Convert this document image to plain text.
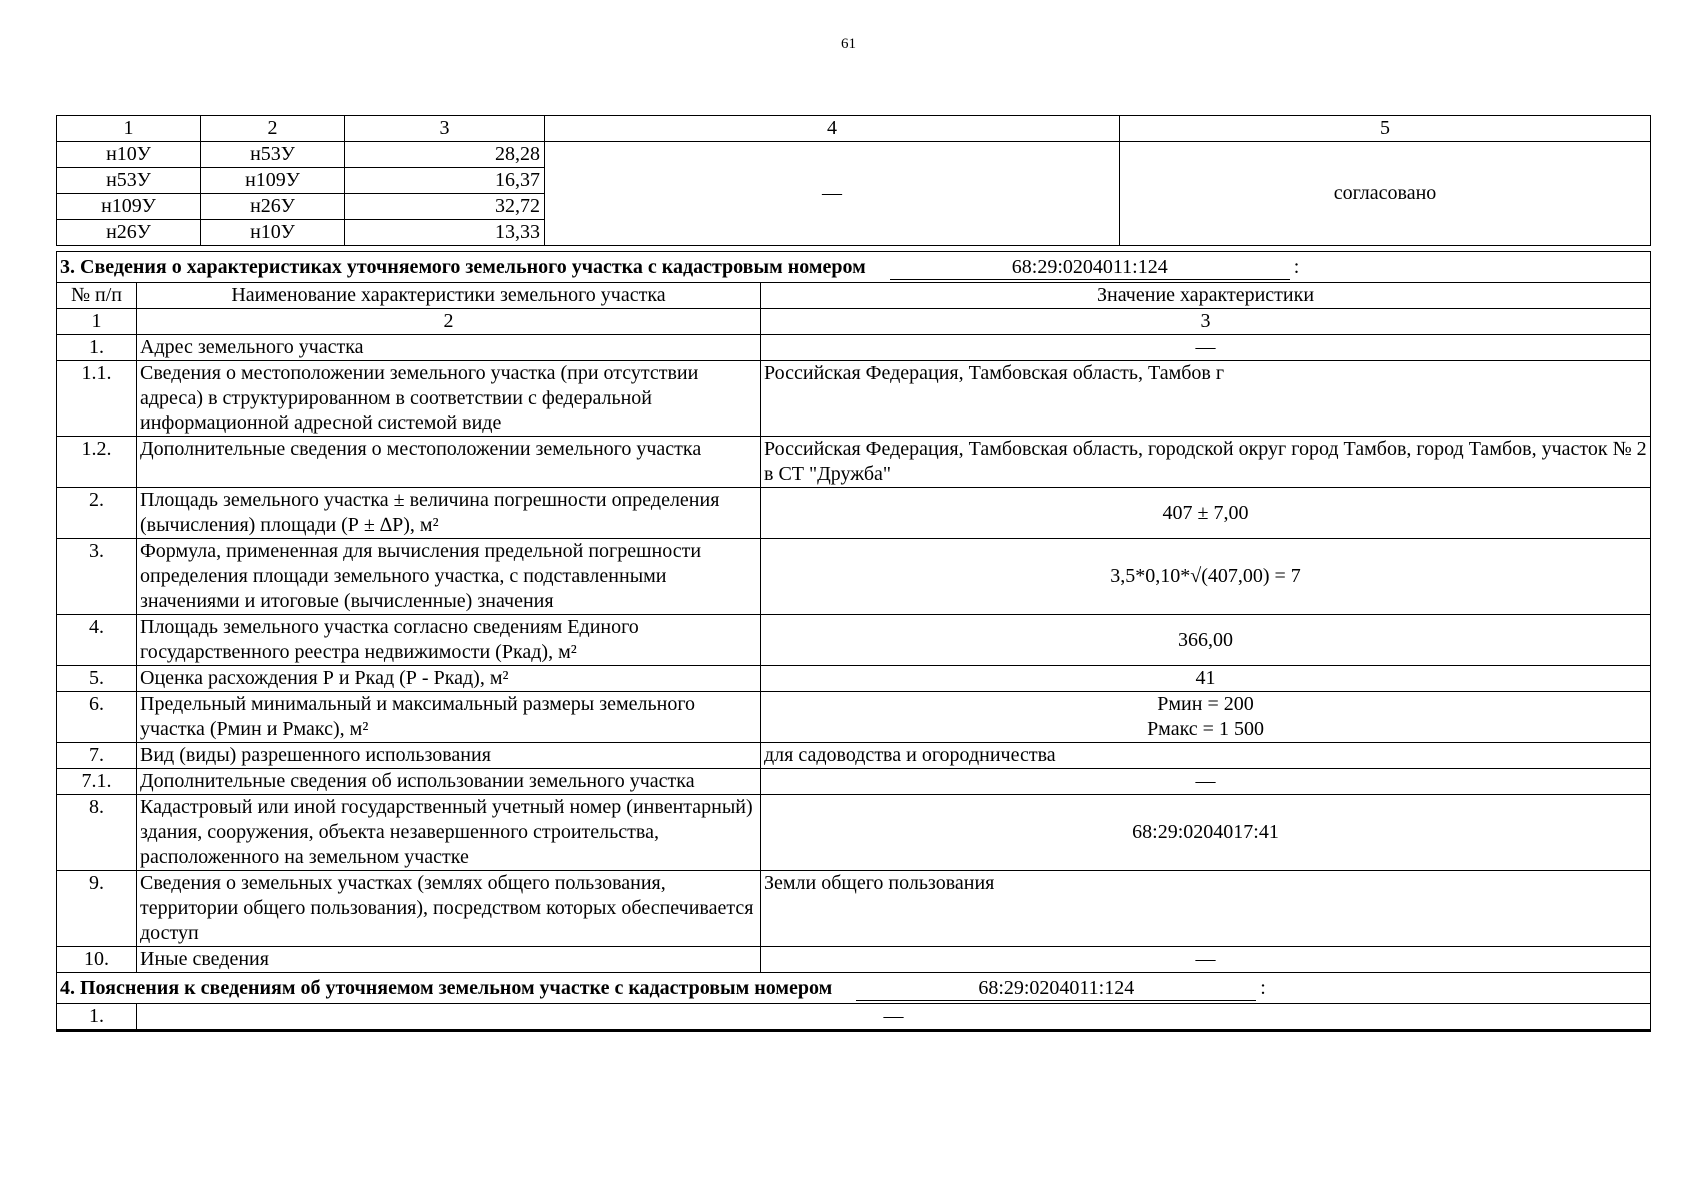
61
1	2	3	4	5
н10У	н53У	28,28	—	согласовано
н53У	н109У	16,37		
н109У	н26У	32,72		
н26У	н10У	13,33		
3. Сведения о характеристиках уточняемого земельного участка с кадастровым номером 68:29:0204011:124 :		
№ п/п	Наименование характеристики земельного участка	Значение характеристики
1	2	3
1.	Адрес земельного участка	—
1.1.	Сведения о местоположении земельного участка (при отсутствии адреса) в структурированном в соответствии с федеральной информационной адресной системой виде	Российская Федерация, Тамбовская область, Тамбов г
1.2.	Дополнительные сведения о местоположении земельного участка	Российская Федерация, Тамбовская область, городской округ город Тамбов, город Тамбов, участок № 2 в СТ "Дружба"
2.	Площадь земельного участка ± величина погрешности определения (вычисления) площади (Р ± ∆Р), м²	407 ± 7,00
3.	Формула, примененная для вычисления предельной погрешности определения площади земельного участка, с подставленными значениями и итоговые (вычисленные) значения	3,5*0,10*√(407,00) = 7
4.	Площадь земельного участка согласно сведениям Единого государственного реестра недвижимости (Ркад), м²	366,00
5.	Оценка расхождения Р и Ркад (Р - Ркад), м²	41
6.	Предельный минимальный и максимальный размеры земельного участка (Рмин и Рмакс), м²	Рмин = 200
Рмакс = 1 500

7.	Вид (виды) разрешенного использования	для садоводства и огородничества
7.1.	Дополнительные сведения об использовании земельного участка	—
8.	Кадастровый или иной государственный учетный номер (инвентарный) здания, сооружения, объекта незавершенного строительства, расположенного на земельном участке	68:29:0204017:41
9.	Сведения о земельных участках (землях общего пользования, территории общего пользования), посредством которых обеспечивается доступ	Земли общего пользования
10.	Иные сведения	—
4. Пояснения к сведениям об уточняемом земельном участке с кадастровым номером 68:29:0204011:124 :		
1.	—	
